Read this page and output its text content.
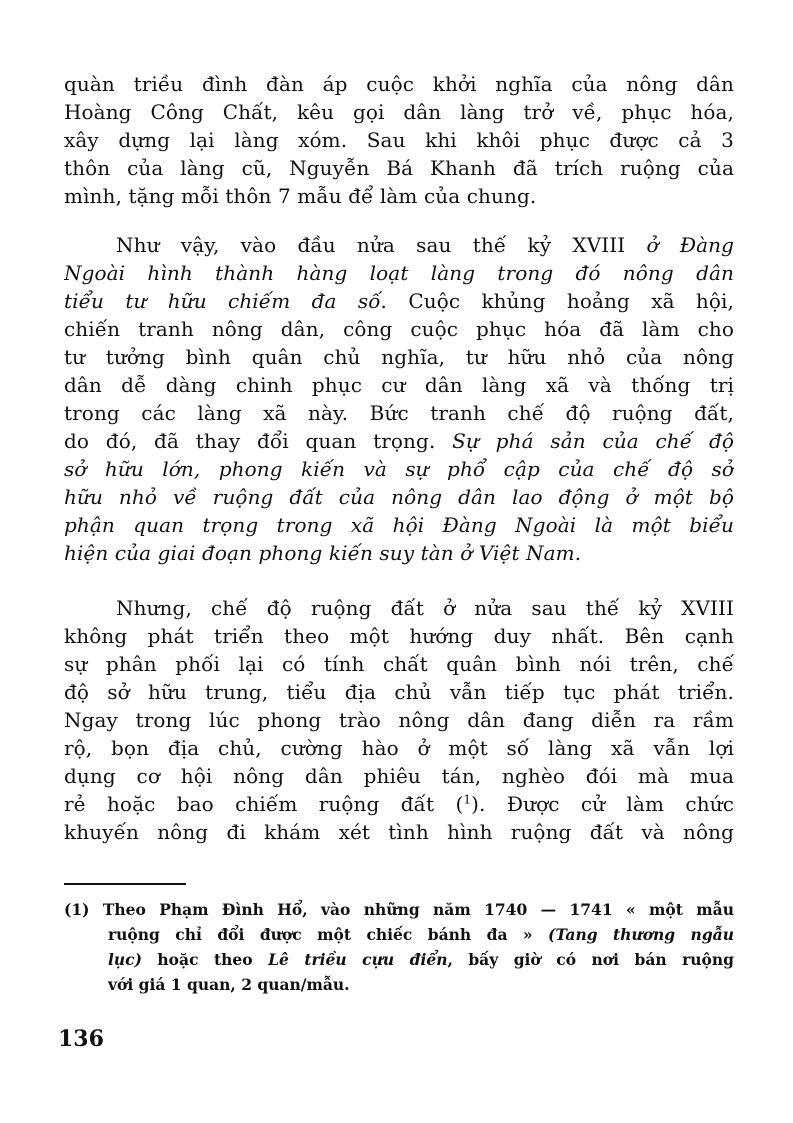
quàn triều đình đàn áp cuộc khởi nghĩa của nông dân
Hoàng Công Chất, kêu gọi dân làng trở về, phục hóa,
xây dựng lại làng xóm. Sau khi khôi phục được cả 3
thôn của làng cũ, Nguyễn Bá Khanh đã trích ruộng của
mình, tặng mỗi thôn 7 mẫu để làm của chung.
Như vậy, vào đầu nửa sau thế kỷ XVIII ở Đàng
Ngoài hình thành hàng loạt làng trong đó nông dân
tiểu tư hữu chiếm đa số. Cuộc khủng hoảng xã hội,
chiến tranh nông dân, công cuộc phục hóa đã làm cho
tư tưởng bình quân chủ nghĩa, tư hữu nhỏ của nông
dân dễ dàng chinh phục cư dân làng xã và thống trị
trong các làng xã này. Bức tranh chế độ ruộng đất,
do đó, đã thay đổi quan trọng. Sự phá sản của chế độ
sở hữu lớn, phong kiến và sự phổ cập của chế độ sở
hữu nhỏ về ruộng đất của nông dân lao động ở một bộ
phận quan trọng trong xã hội Đàng Ngoài là một biểu
hiện của giai đoạn phong kiến suy tàn ở Việt Nam.
Nhưng, chế độ ruộng đất ở nửa sau thế kỷ XVIII
không phát triển theo một hướng duy nhất. Bên cạnh
sự phân phối lại có tính chất quân bình nói trên, chế
độ sở hữu trung, tiểu địa chủ vẫn tiếp tục phát triển.
Ngay trong lúc phong trào nông dân đang diễn ra rầm
rộ, bọn địa chủ, cường hào ở một số làng xã vẫn lợi
dụng cơ hội nông dân phiêu tán, nghèo đói mà mua
rẻ hoặc bao chiếm ruộng đất ($^1$). Được cử làm chức
khuyến nông đi khám xét tình hình ruộng đất và nông
(1) Theo Phạm Đình Hổ, vào những năm 1740 — 1741 « một mẫu
ruộng chỉ đổi được một chiếc bánh đa » (Tang thương ngẫu
lục) hoặc theo Lê triều cựu điển, bấy giờ có nơi bán ruộng
với giá 1 quan, 2 quan/mẫu.
136
